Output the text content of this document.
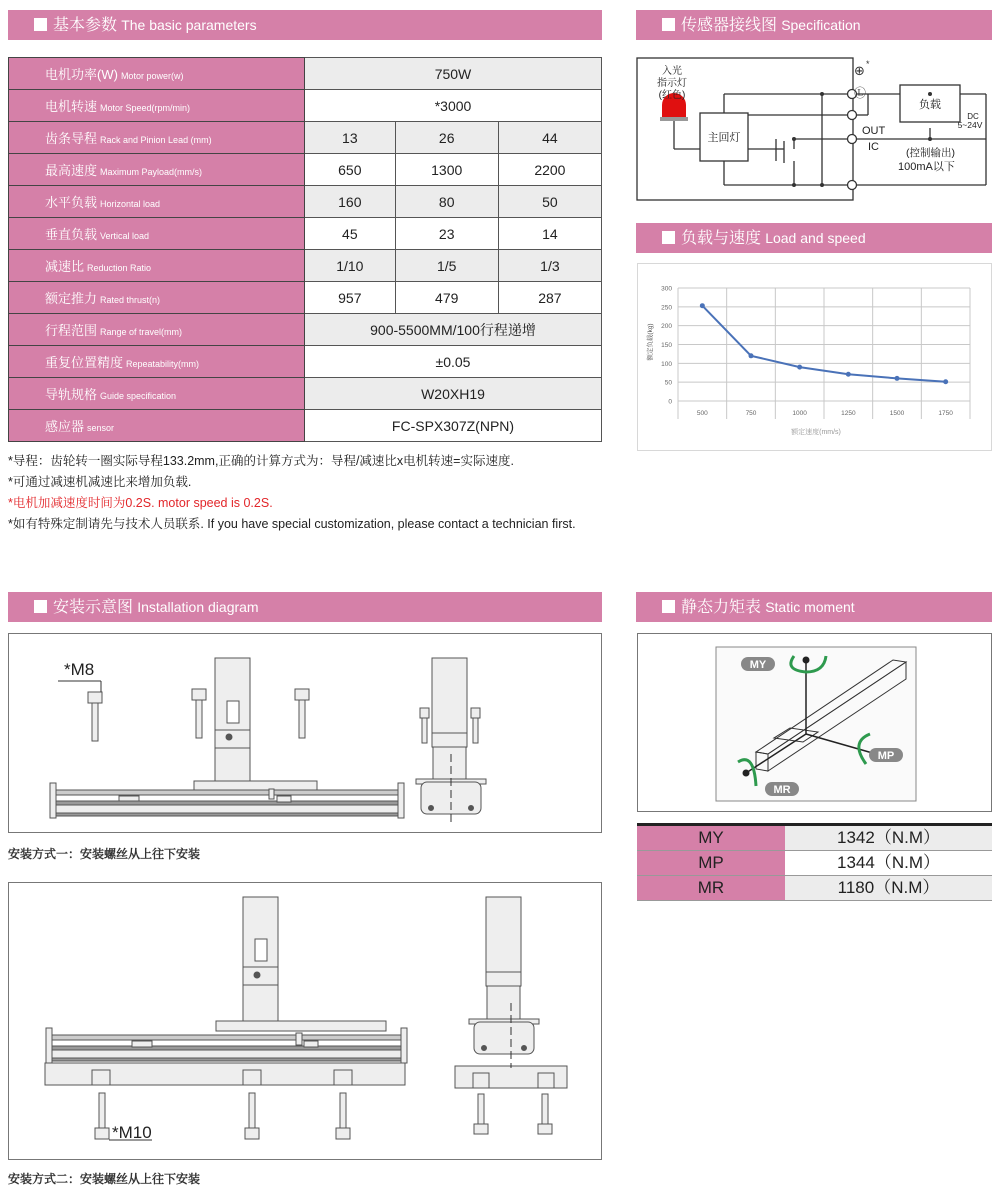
基本参数 The basic parameters	传感器接线图 Specification
负载与速度 Load and speed
安装示意图 Installation diagram	静态力矩表 Static moment
电机功率(W) Motor power(w)	750W		
电机转速 Motor Speed(rpm/min)	*3000		
齿条导程 Rack and Pinion Lead (mm)	13	26	44
最高速度 Maximum Payload(mm/s)	650	1300	2200
水平负载 Horizontal load	160	80	50
垂直负载 Vertical load	45	23	14
减速比 Reduction Ratio	1/10	1/5	1/3
额定推力 Rated thrust(n)	957	479	287
行程范围 Range of travel(mm)	900-5500MM/100行程递增		
重复位置精度 Repeatability(mm)	±0.05		
导轨规格 Guide specification	W20XH19		
感应器 sensor	FC-SPX307Z(NPN)		
*导程：齿轮转一圈实际导程133.2mm,正确的计算方式为：导程/减速比x电机转速=实际速度.
*可通过减速机减速比来增加负载.
*电机加减速度时间为0.2S. motor speed is 0.2S.
*如有特殊定制请先与技术人员联系. If you have special customization, please contact a technician first.
⊕ *
Ⓛ
入光
指示灯
(红色)
主回灯
负载
OUT
IC	(控制输出)
100mA以下
DC
5~24V
0
50
100
150
200
250
300
500	750	1000	1250	1500	1750
额定速度(mm/s)
额定负载(kg)
*M8
安装方式一：安装螺丝从上往下安装
*M10
安装方式二：安装螺丝从上往下安装
MY
MP
MR
MY	1342（N.M）
MP	1344（N.M）
MR	1180（N.M）
